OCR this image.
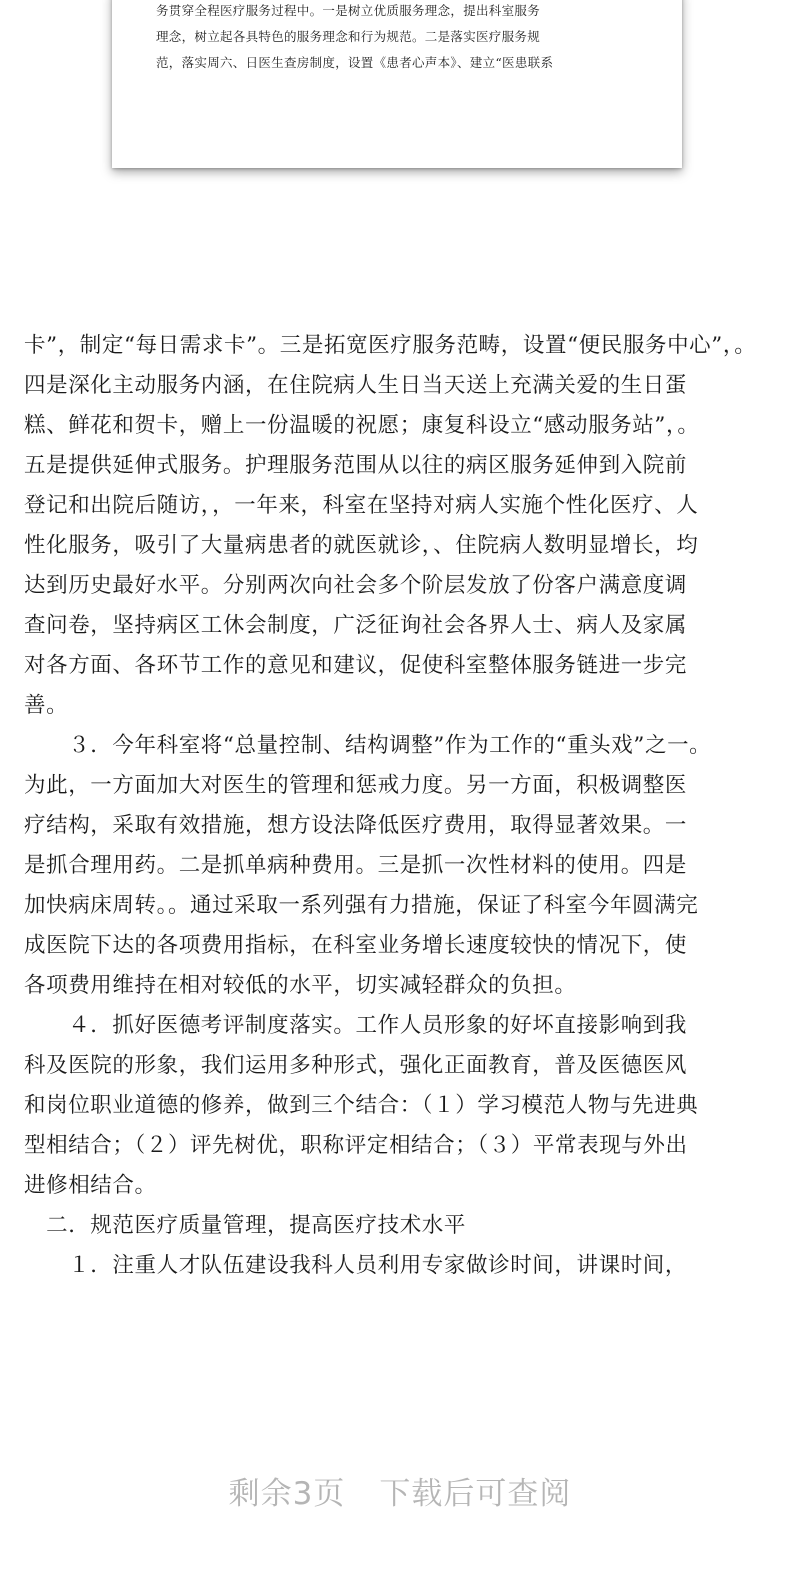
务贯穿全程医疗服务过程中。一是树立优质服务理念，提出科室服务
理念，树立起各具特色的服务理念和行为规范。二是落实医疗服务规
范，落实周六、日医生查房制度，设置《患者心声本》、建立“医患联系
卡”，制定“每日需求卡”。三是拓宽医疗服务范畴，设置“便民服务中心”，。
四是深化主动服务内涵，在住院病人生日当天送上充满关爱的生日蛋
糕、鲜花和贺卡，赠上一份温暖的祝愿；康复科设立“感动服务站”，。
五是提供延伸式服务。护理服务范围从以往的病区服务延伸到入院前
登记和出院后随访，，一年来，科室在坚持对病人实施个性化医疗、人
性化服务，吸引了大量病患者的就医就诊，、住院病人数明显增长，均
达到历史最好水平。分别两次向社会多个阶层发放了份客户满意度调
查问卷，坚持病区工休会制度，广泛征询社会各界人士、病人及家属
对各方面、各环节工作的意见和建议，促使科室整体服务链进一步完
善。
　　３．今年科室将“总量控制、结构调整”作为工作的“重头戏”之一。
为此，一方面加大对医生的管理和惩戒力度。另一方面，积极调整医
疗结构，采取有效措施，想方设法降低医疗费用，取得显著效果。一
是抓合理用药。二是抓单病种费用。三是抓一次性材料的使用。四是
加快病床周转。。通过采取一系列强有力措施，保证了科室今年圆满完
成医院下达的各项费用指标，在科室业务增长速度较快的情况下，使
各项费用维持在相对较低的水平，切实减轻群众的负担。
　　４．抓好医德考评制度落实。工作人员形象的好坏直接影响到我
科及医院的形象，我们运用多种形式，强化正面教育，普及医德医风
和岗位职业道德的修养，做到三个结合：（１）学习模范人物与先进典
型相结合；（２）评先树优，职称评定相结合；（３）平常表现与外出
进修相结合。
　二．规范医疗质量管理，提高医疗技术水平
　　１．注重人才队伍建设我科人员利用专家做诊时间，讲课时间，
剩余3页 下载后可查阅
